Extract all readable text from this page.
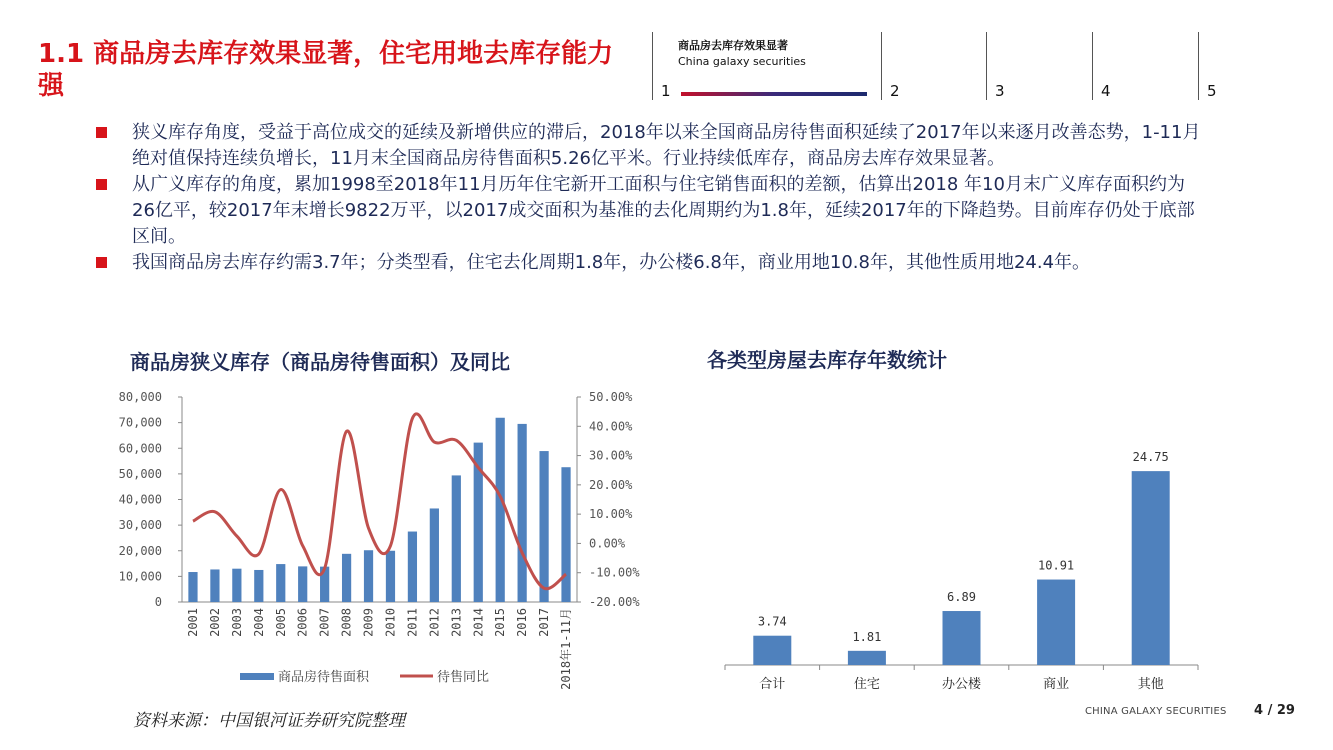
1.1 商品房去库存效果显著，住宅用地去库存能力强
商品房去库存效果显著
China galaxy securities
1	2	3	4	5
狭义库存角度，受益于高位成交的延续及新增供应的滞后，2018年以来全国商品房待售面积延续了2017年以来逐月改善态势，1-11月绝对值保持连续负增长，11月末全国商品房待售面积5.26亿平米。行业持续低库存，商品房去库存效果显著。
从广义库存的角度，累加1998至2018年11月历年住宅新开工面积与住宅销售面积的差额，估算出2018 年10月末广义库存面积约为26亿平，较2017年末增长9822万平，以2017成交面积为基准的去化周期约为1.8年，延续2017年的下降趋势。目前库存仍处于底部区间。
我国商品房去库存约需3.7年；分类型看，住宅去化周期1.8年，办公楼6.8年，商业用地10.8年，其他性质用地24.4年。
商品房狭义库存（商品房待售面积）及同比	各类型房屋去库存年数统计
0
10,000
20,000
30,000
40,000
50,000
60,000
70,000
80,000
-20.00%
-10.00%
0.00%
10.00%
20.00%
30.00%
40.00%
50.00%
2001 2002 2003 2004 2005 2006 2007 2008 2009 2010 2011 2012 2013 2014 2015 2016 2017 2018年1-11月
商品房待售面积	待售同比
3.74
合计
1.81
住宅
6.89
办公楼
10.91
商业
24.75
其他
资料来源：中国银河证券研究院整理	CHINA GALAXY SECURITIES 4 / 29
